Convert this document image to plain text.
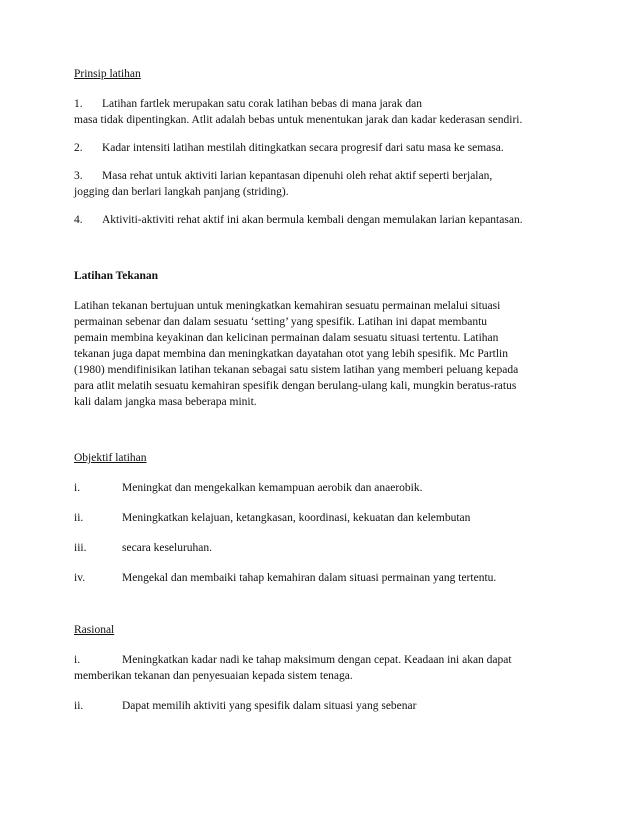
Prinsip latihan

1. Latihan fartlek merupakan satu corak latihan bebas di mana jarak dan

masa tidak dipentingkan. Atlit adalah bebas untuk menentukan jarak dan kadar kederasan sendiri.

2. Kadar intensiti latihan mestilah ditingkatkan secara progresif dari satu masa ke semasa.

3. Masa rehat untuk aktiviti larian kepantasan dipenuhi oleh rehat aktif seperti berjalan,

jogging dan berlari langkah panjang (striding).

4. Aktiviti-aktiviti rehat aktif ini akan bermula kembali dengan memulakan larian kepantasan.

Latihan Tekanan

Latihan tekanan bertujuan untuk meningkatkan kemahiran sesuatu permainan melalui situasi

permainan sebenar dan dalam sesuatu ‘setting’ yang spesifik. Latihan ini dapat membantu

pemain membina keyakinan dan kelicinan permainan dalam sesuatu situasi tertentu. Latihan

tekanan juga dapat membina dan meningkatkan dayatahan otot yang lebih spesifik. Mc Partlin

(1980) mendifinisikan latihan tekanan sebagai satu sistem latihan yang memberi peluang kepada

para atlit melatih sesuatu kemahiran spesifik dengan berulang-ulang kali, mungkin beratus-ratus

kali dalam jangka masa beberapa minit.

Objektif latihan

i.	Meningkat dan mengekalkan kemampuan aerobik dan anaerobik.

ii.	Meningkatkan kelajuan, ketangkasan, koordinasi, kekuatan dan kelembutan

iii.	secara keseluruhan.

iv.	Mengekal dan membaiki tahap kemahiran dalam situasi permainan yang tertentu.

Rasional

i.	Meningkatkan kadar nadi ke tahap maksimum dengan cepat. Keadaan ini akan dapat

memberikan tekanan dan penyesuaian kepada sistem tenaga.

ii.	Dapat memilih aktiviti yang spesifik dalam situasi yang sebenar
